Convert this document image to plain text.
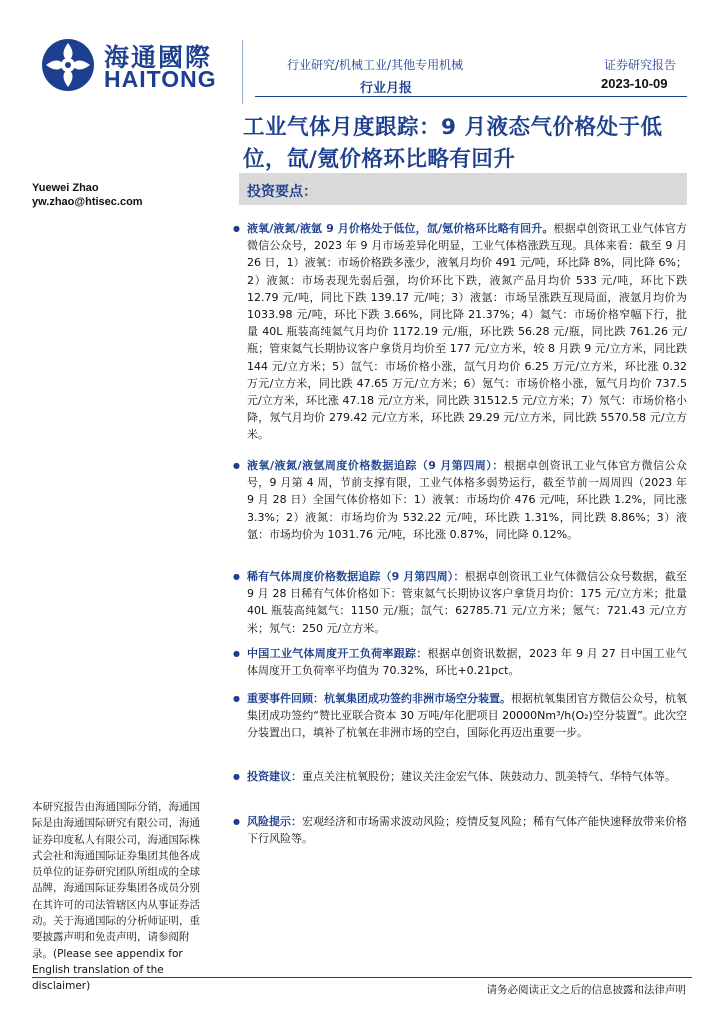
海通國際
HAITONG
行业研究/机械工业/其他专用机械
行业月报
证券研究报告
2023-10-09
工业气体月度跟踪：9 月液态气价格处于低位，氙/氪价格环比略有回升
Yuewei Zhao
yw.zhao@htisec.com
投资要点：
● 液氧/液氮/液氩 9 月价格处于低位，氙/氪价格环比略有回升。根据卓创资讯工业气体官方微信公众号，2023 年 9 月市场差异化明显，工业气体格涨跌互现。具体来看：截至 9 月 26 日，1）液氧：市场价格跌多涨少，液氧月均价 491 元/吨，环比降 8%，同比降 6%；2）液氮：市场表现先弱后强，均价环比下跌，液氮产品月均价 533 元/吨，环比下跌 12.79 元/吨，同比下跌 139.17 元/吨；3）液氩：市场呈涨跌互现局面，液氩月均价为 1033.98 元/吨，环比下跌 3.66%，同比降 21.37%；4）氦气：市场价格窄幅下行，批量 40L 瓶装高纯氦气月均价 1172.19 元/瓶，环比跌 56.28 元/瓶，同比跌 761.26 元/瓶；管束氦气长期协议客户拿货月均价至 177 元/立方米，较 8 月跌 9 元/立方米，同比跌 144 元/立方米；5）氙气：市场价格小涨，氙气月均价 6.25 万元/立方米，环比涨 0.32 万元/立方米，同比跌 47.65 万元/立方米；6）氪气：市场价格小涨，氪气月均价 737.5 元/立方米，环比涨 47.18 元/立方米，同比跌 31512.5 元/立方米；7）氖气：市场价格小降，氖气月均价 279.42 元/立方米，环比跌 29.29 元/立方米，同比跌 5570.58 元/立方米。
● 液氧/液氮/液氩周度价格数据追踪（9 月第四周）：根据卓创资讯工业气体官方微信公众号，9 月第 4 周，节前支撑有限，工业气体格多弱势运行，截至节前一周周四（2023 年 9 月 28 日）全国气体价格如下：1）液氧：市场均价 476 元/吨，环比跌 1.2%，同比涨 3.3%；2）液氮：市场均价为 532.22 元/吨，环比跌 1.31%，同比跌 8.86%；3）液氩：市场均价为 1031.76 元/吨，环比涨 0.87%，同比降 0.12%。
● 稀有气体周度价格数据追踪（9 月第四周）：根据卓创资讯工业气体微信公众号数据，截至 9 月 28 日稀有气体价格如下：管束氦气长期协议客户拿货月均价：175 元/立方米；批量 40L 瓶装高纯氦气：1150 元/瓶；氙气：62785.71 元/立方米；氪气：721.43 元/立方米；氖气：250 元/立方米。
● 中国工业气体周度开工负荷率跟踪：根据卓创资讯数据，2023 年 9 月 27 日中国工业气体周度开工负荷率平均值为 70.32%，环比+0.21pct。
● 重要事件回顾：杭氧集团成功签约非洲市场空分装置。根据杭氧集团官方微信公众号，杭氧集团成功签约“赞比亚联合资本 30 万吨/年化肥项目 20000Nm³/h(O₂)空分装置”。此次空分装置出口，填补了杭氧在非洲市场的空白，国际化再迈出重要一步。
● 投资建议：重点关注杭氧股份；建议关注金宏气体、陕鼓动力、凯美特气、华特气体等。
● 风险提示：宏观经济和市场需求波动风险；疫情反复风险；稀有气体产能快速释放带来价格下行风险等。
本研究报告由海通国际分销，海通国际是由海通国际研究有限公司，海通证券印度私人有限公司，海通国际株式会社和海通国际证券集团其他各成员单位的证券研究团队所组成的全球品牌，海通国际证券集团各成员分别在其许可的司法管辖区内从事证券活动。关于海通国际的分析师证明，重要披露声明和免责声明，请参阅附录。(Please see appendix for English translation of the disclaimer)	请务必阅读正文之后的信息披露和法律声明
